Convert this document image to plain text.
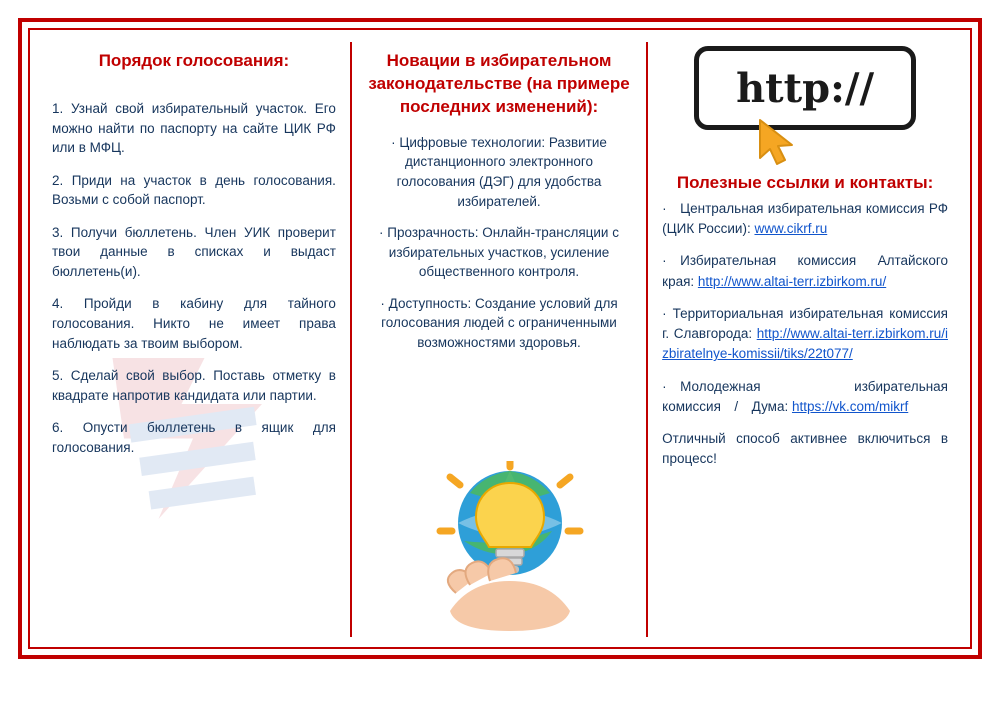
Порядок голосования:

1. Узнай свой избирательный участок. Его можно найти по паспорту на сайте ЦИК РФ или в МФЦ.

2. Приди на участок в день голосования. Возьми с собой паспорт.

3. Получи бюллетень. Член УИК проверит твои данные в списках и выдаст бюллетень(и).

4. Пройди в кабину для тайного голосования. Никто не имеет права наблюдать за твоим выбором.

5. Сделай свой выбор. Поставь отметку в квадрате напротив кандидата или партии.

6. Опусти бюллетень в ящик для голосования.

Новации в избирательном законодательстве (на примере последних изменений):

· Цифровые технологии: Развитие дистанционного электронного голосования (ДЭГ) для удобства избирателей.

· Прозрачность: Онлайн-трансляции с избирательных участков, усиление общественного контроля.

· Доступность: Создание условий для голосования людей с ограниченными возможностями здоровья.

http://
Полезные ссылки и контакты:

· Центральная избирательная комиссия РФ (ЦИК России): www.cikrf.ru

· Избирательная комиссия Алтайского края: http://www.altai-terr.izbirkom.ru/

· Территориальная избирательная комиссия г. Славгорода: http://www.altai-terr.izbirkom.ru/izbiratelnye-komissii/tiks/22t077/

· Молодежная избирательная комиссия / Дума: https://vk.com/mikrf

Отличный способ активнее включиться в процесс!
